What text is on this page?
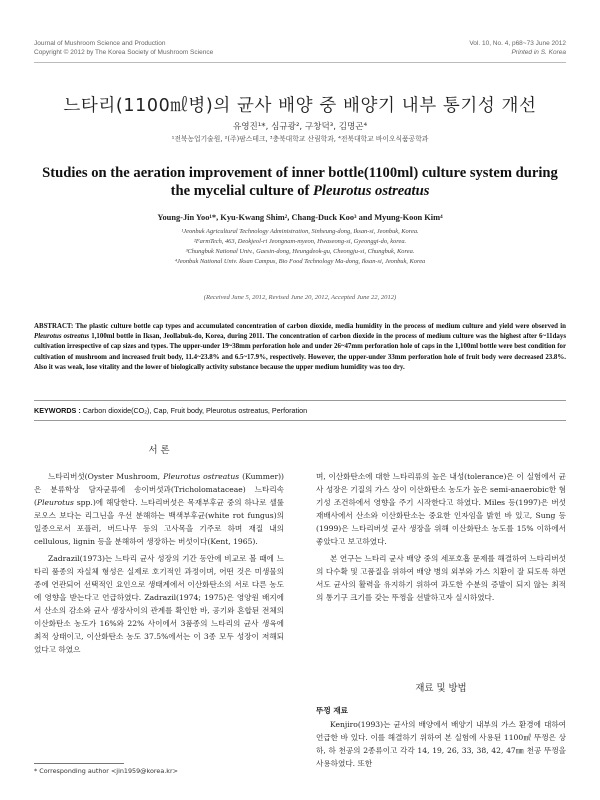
Journal of Mushroom Science and Production
Copyright © 2012 by The Korea Society of Mushroom Science
Vol. 10, No. 4, p68~73 June 2012
Printed in S. Korea
느타리(1100㎖병)의 균사 배양 중 배양기 내부 통기성 개선
유영진¹*, 심규광², 구창덕³, 김명곤⁴
¹전북농업기술원, ²(주)팜스테크, ³충북대학교 산림학과, ⁴전북대학교 바이오식품공학과
Studies on the aeration improvement of inner bottle(1100ml) culture system during
the mycelial culture of Pleurotus ostreatus
Young-Jin Yoo¹*, Kyu-Kwang Shim², Chang-Duck Koo³ and Myung-Koon Kim⁴
¹Jeonbuk Agricultural Technology Administration, Sinheung-dong, Iksan-si, Jeonbuk, Korea.
²FarmTech, 463, Deokjeol-ri Jeongnam-myeon, Hwaseong-si, Gyeonggi-do, korea.
³Chungbuk National Univ., Gaesin-dong, Heungdeok-gu, Cheongju-si, Chungbuk, Korea.
⁴Jeonbuk National Univ. Iksan Campus, Bio Food Technology Ma-dong, Iksan-si, Jeonbuk, Korea
(Received June 5, 2012, Revised June 20, 2012, Accepted June 22, 2012)
ABSTRACT: The plastic culture bottle cap types and accumulated concentration of carbon dioxide, media humidity in the process of medium culture and yield were observed in Pleurotus ostreatus 1,100ml bottle in Iksan, Jeollabuk-do, Korea, during 2011. The concentration of carbon dioxide in the process of medium culture was the highest after 6~11days cultivation irrespective of cap sizes and types. The upper-under 19~38mm perforation hole and under 26~47mm perforation hole of caps in the 1,100ml bottle were best condition for cultivation of mushroom and increased fruit body, 11.4~23.8% and 6.5~17.9%, respectively. However, the upper-under 33mm perforation hole of fruit body were decreased 23.8%. Also it was weak, lose vitality and the lower of biologically activity substance because the upper medium humidity was too dry.
KEYWORDS : Carbon dioxide(CO₂), Cap, Fruit body, Pleurotus ostreatus, Perforation
서 론

느타리버섯(Oyster Mushroom, Pleurotus ostreatus (Kummer))은 분류학상 담자균류에 송이버섯과(Tricholomataceae) 느타리속(Pleurotus spp.)에 해당한다. 느타리버섯은 목재부후균 중의 하나로 셀룰로오스 보다는 리그닌을 우선 분해하는 백색부후균(white rot fungus)의 일종으로서 포플러, 버드나무 등의 고사목을 기주로 하며 재질 내의 cellulous, lignin 등을 분해하여 생장하는 버섯이다(Kent, 1965).

Zadrazil(1973)는 느타리 균사 성장의 기간 동안에 비교로 볼 때에 느타리 품종의 자실체 형성은 실제로 호기적인 과정이며, 어떤 것은 미생물의 종에 연관되어 선택적인 요인으로 생태계에서 이산화탄소의 서로 다른 농도에 영향을 받는다고 언급하였다. Zadrazil(1974; 1975)은 영양원 배지에서 산소의 감소와 균사 생장사이의 관계를 확인한 바, 공기와 혼합된 전체의 이산화탄소 농도가 16%와 22% 사이에서 3품종의 느타리의 균사 생육에 최적 상태이고, 이산화탄소 농도 37.5%에서는 이 3종 모두 성장이 저해되었다고 하였으

며, 이산화탄소에 대한 느타리류의 높은 내성(tolerance)은 이 실험에서 균사 성장은 기질의 가스 상이 이산화탄소 농도가 높은 semi-anaerobic한 혐기성 조건하에서 영향을 주기 시작한다고 하였다. Miles 등(1997)은 버섯 재배사에서 산소와 이산화탄소는 중요한 인자임을 밝힌 바 있고, Sung 등(1999)은 느타리버섯 균사 생장을 위해 이산화탄소 농도를 15% 이하에서 좋았다고 보고하였다.

본 연구는 느타리 균사 배양 중의 세포호흡 문제를 해결하여 느타리버섯의 다수확 및 고품질을 위하여 배양 병의 외부와 가스 치환이 잘 되도록 하면서도 균사의 활력을 유지하기 위하여 과도한 수분의 증발이 되지 않는 최적의 통기구 크기를 갖는 뚜껑을 선발하고자 실시하였다.

재료 및 방법
뚜껑 재료

Kenjiro(1993)는 균사의 배양에서 배양기 내부의 가스 환경에 대하여 언급한 바 있다. 이를 해결하기 위하여 본 실험에 사용된 1100㎖ 뚜껑은 상하, 하 천공의 2종류이고 각각 14, 19, 26, 33, 38, 42, 47㎜ 천공 뚜껑을 사용하였다. 또한

* Corresponding author <jin1959@korea.kr>
